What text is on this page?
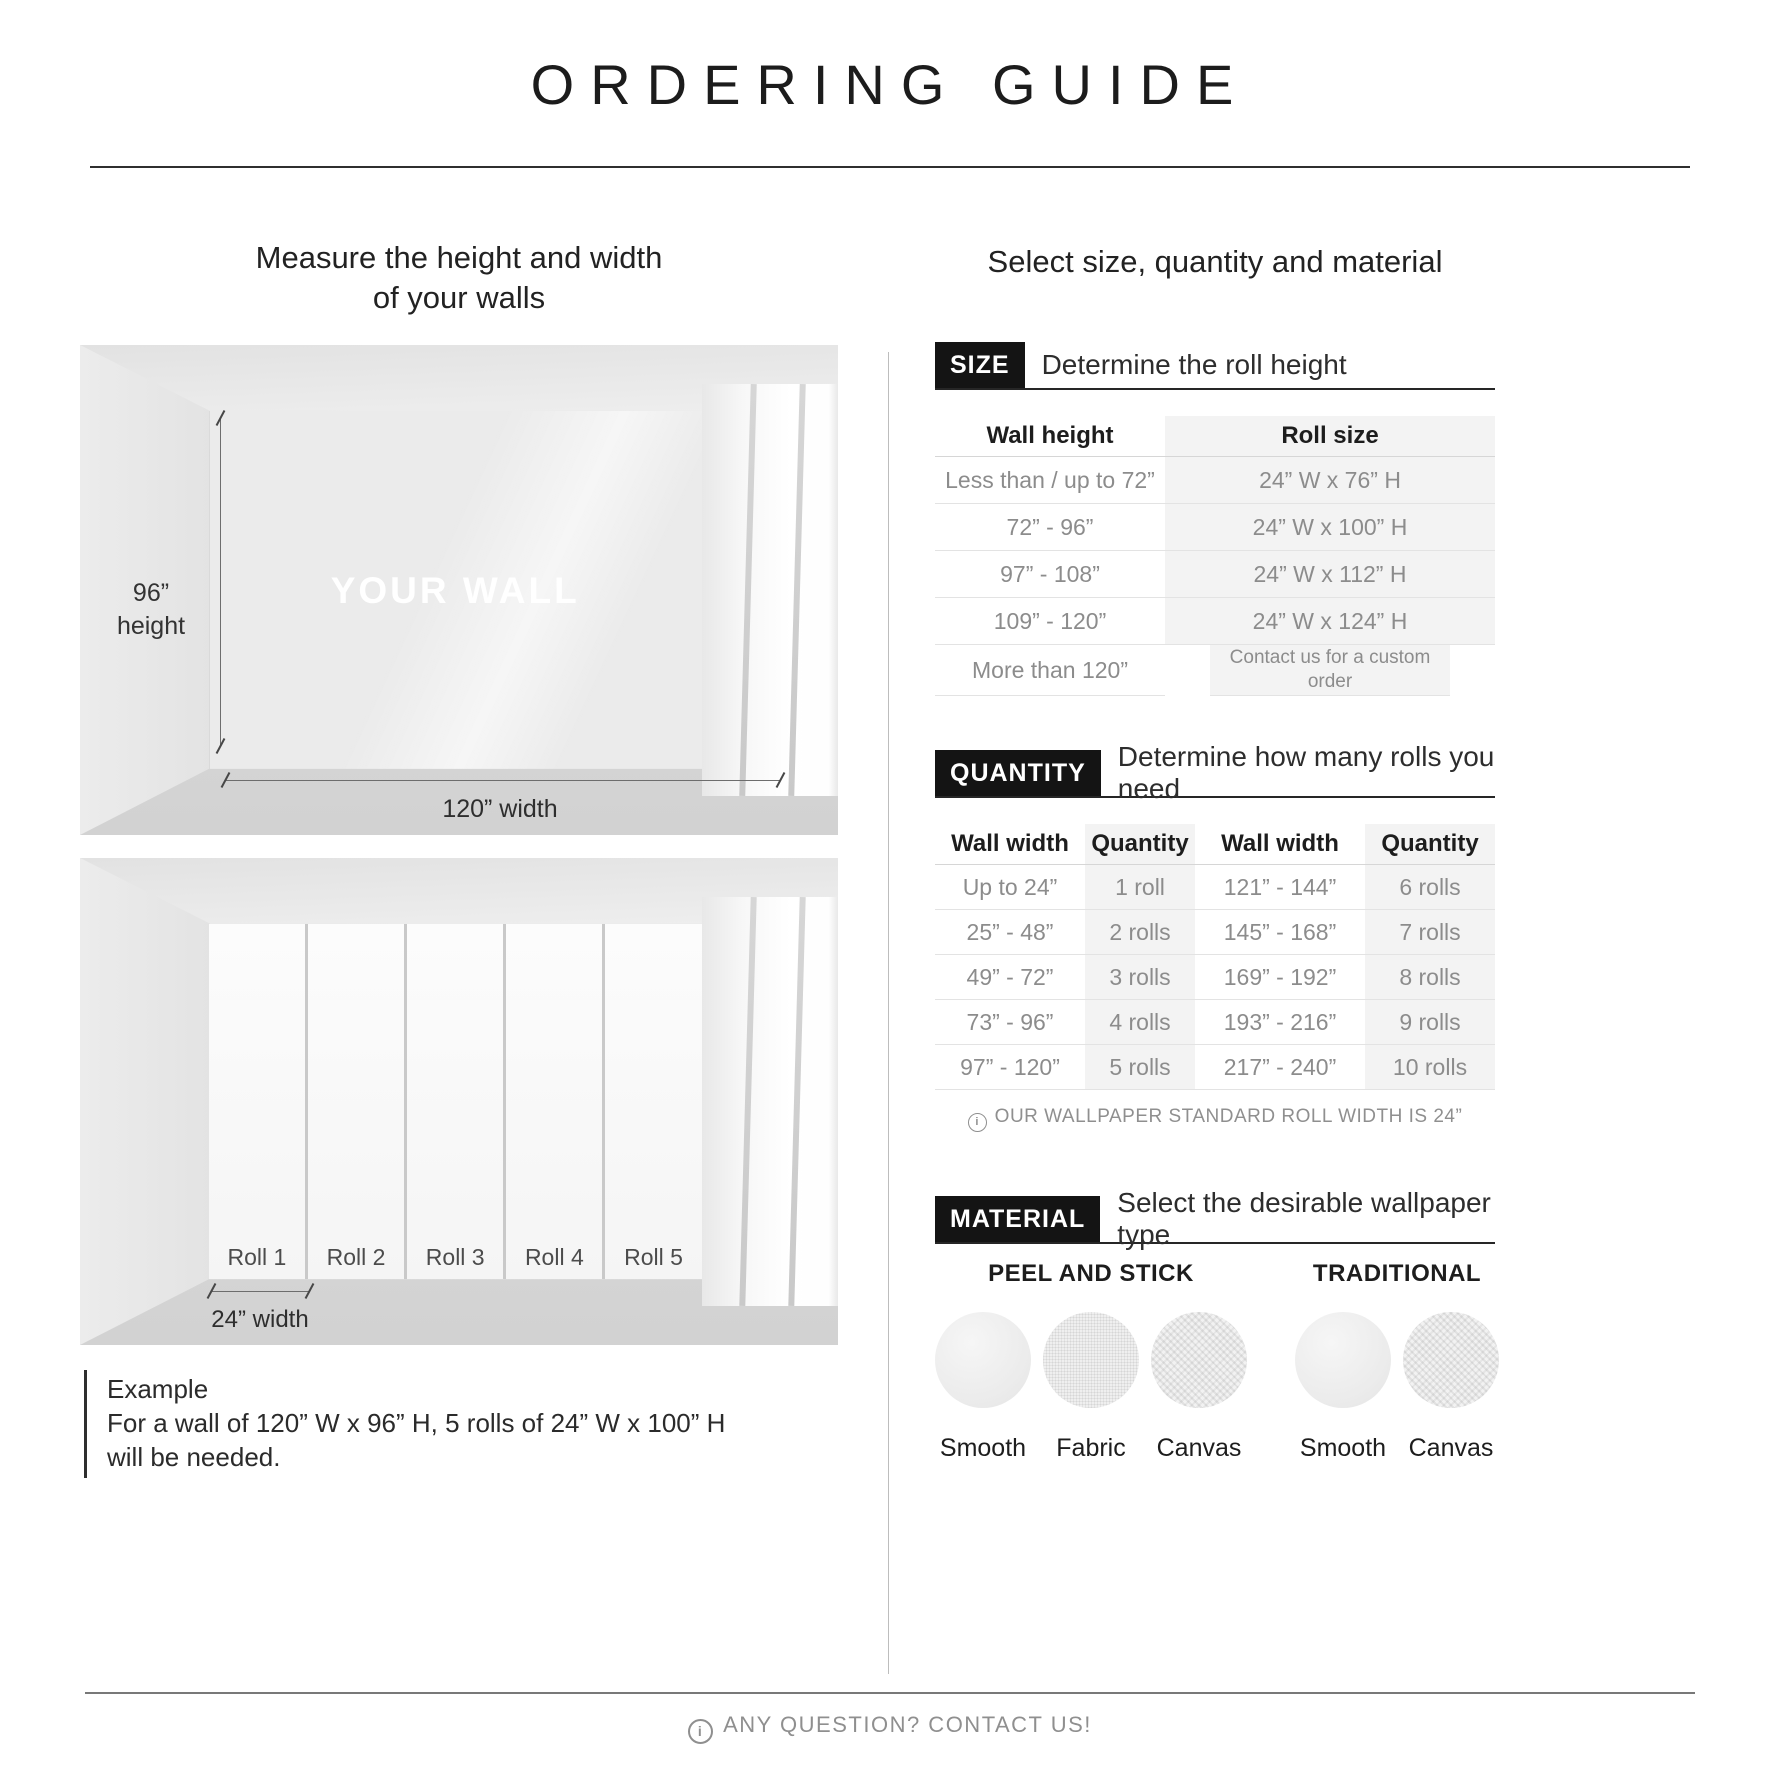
ORDERING GUIDE
Measure the height and width
of your walls
Select size, quantity and material
YOUR WALL
96”
height
120” width
Roll 1 Roll 2 Roll 3 Roll 4 Roll 5
24” width
Example
For a wall of 120” W x 96” H, 5 rolls of 24” W x 100” H
will be needed.
SIZE	Determine the roll height
Wall height	Roll size
Less than / up to 72”	24” W x 76” H
72” - 96”	24” W x 100” H
97” - 108”	24” W x 112” H
109” - 120”	24” W x 124” H
More than 120”	Contact us for a custom order
QUANTITY
Determine how many rolls you need
Wall width Quantity	Wall width	Quantity
Up to 24”	1 roll	121” - 144”	6 rolls
25” - 48”	2 rolls	145” - 168”	7 rolls
49” - 72”	3 rolls	169” - 192”	8 rolls
73” - 96”	4 rolls	193” - 216”	9 rolls
97” - 120”	5 rolls	217” - 240”	10 rolls
i OUR WALLPAPER STANDARD ROLL WIDTH IS 24”
MATERIAL
Select the desirable wallpaper type
PEEL AND STICK
Smooth Fabric Canvas
TRADITIONAL
Smooth Canvas
i ANY QUESTION? CONTACT US!
